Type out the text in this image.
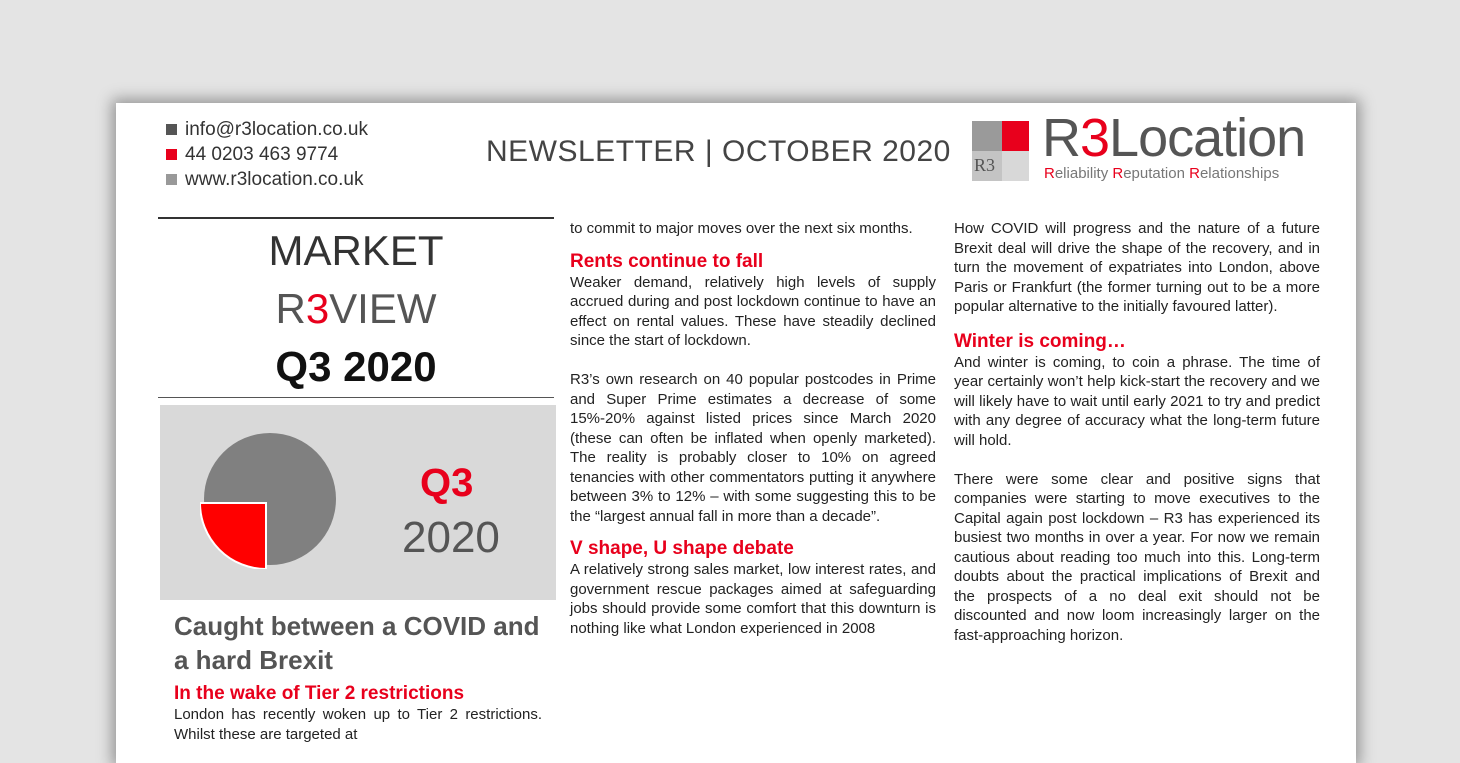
info@r3location.co.uk
44 0203 463 9774
www.r3location.co.uk
NEWSLETTER | OCTOBER 2020 R3 R3Location
Reliability Reputation Relationships
MARKET
R3VIEW
Q3 2020
Q3
2020
Caught between a COVID and a hard Brexit
In the wake of Tier 2 restrictions

London has recently woken up to Tier 2 restrictions. Whilst these are targeted at

to commit to major moves over the next six months.

Rents continue to fall

Weaker demand, relatively high levels of supply accrued during and post lockdown continue to have an effect on rental values. These have steadily declined since the start of lockdown.

R3’s own research on 40 popular postcodes in Prime and Super Prime estimates a decrease of some 15%-20% against listed prices since March 2020 (these can often be inflated when openly marketed). The reality is probably closer to 10% on agreed tenancies with other commentators putting it anywhere between 3% to 12% – with some suggesting this to be the “largest annual fall in more than a decade”.

V shape, U shape debate

A relatively strong sales market, low interest rates, and government rescue packages aimed at safeguarding jobs should provide some comfort that this downturn is nothing like what London experienced in 2008

How COVID will progress and the nature of a future Brexit deal will drive the shape of the recovery, and in turn the movement of expatriates into London, above Paris or Frankfurt (the former turning out to be a more popular alternative to the initially favoured latter).

Winter is coming…

And winter is coming, to coin a phrase. The time of year certainly won’t help kick-start the recovery and we will likely have to wait until early 2021 to try and predict with any degree of accuracy what the long-term future will hold.

There were some clear and positive signs that companies were starting to move executives to the Capital again post lockdown – R3 has experienced its busiest two months in over a year. For now we remain cautious about reading too much into this. Long-term doubts about the practical implications of Brexit and the prospects of a no deal exit should not be discounted and now loom increasingly larger on the fast-approaching horizon.
